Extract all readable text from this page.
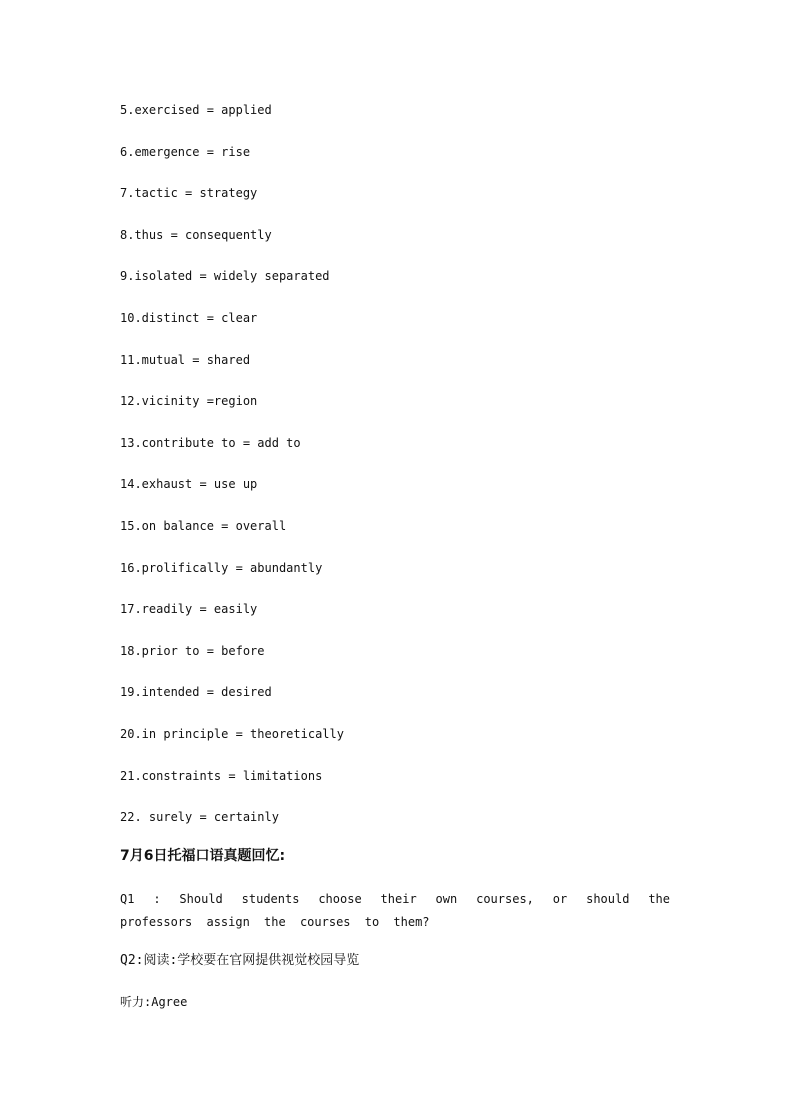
5.exercised = applied
6.emergence = rise
7.tactic = strategy
8.thus = consequently
9.isolated = widely separated
10.distinct = clear
11.mutual = shared
12.vicinity =region
13.contribute to = add to
14.exhaust = use up
15.on balance = overall
16.prolifically = abundantly
17.readily = easily
18.prior to = before
19.intended = desired
20.in principle = theoretically
21.constraints = limitations
22. surely = certainly
7月6日托福口语真题回忆:

Q1 : Should students choose their own courses, or should the professors assign the courses to them?

Q2:阅读:学校要在官网提供视觉校园导览

听力:Agree
